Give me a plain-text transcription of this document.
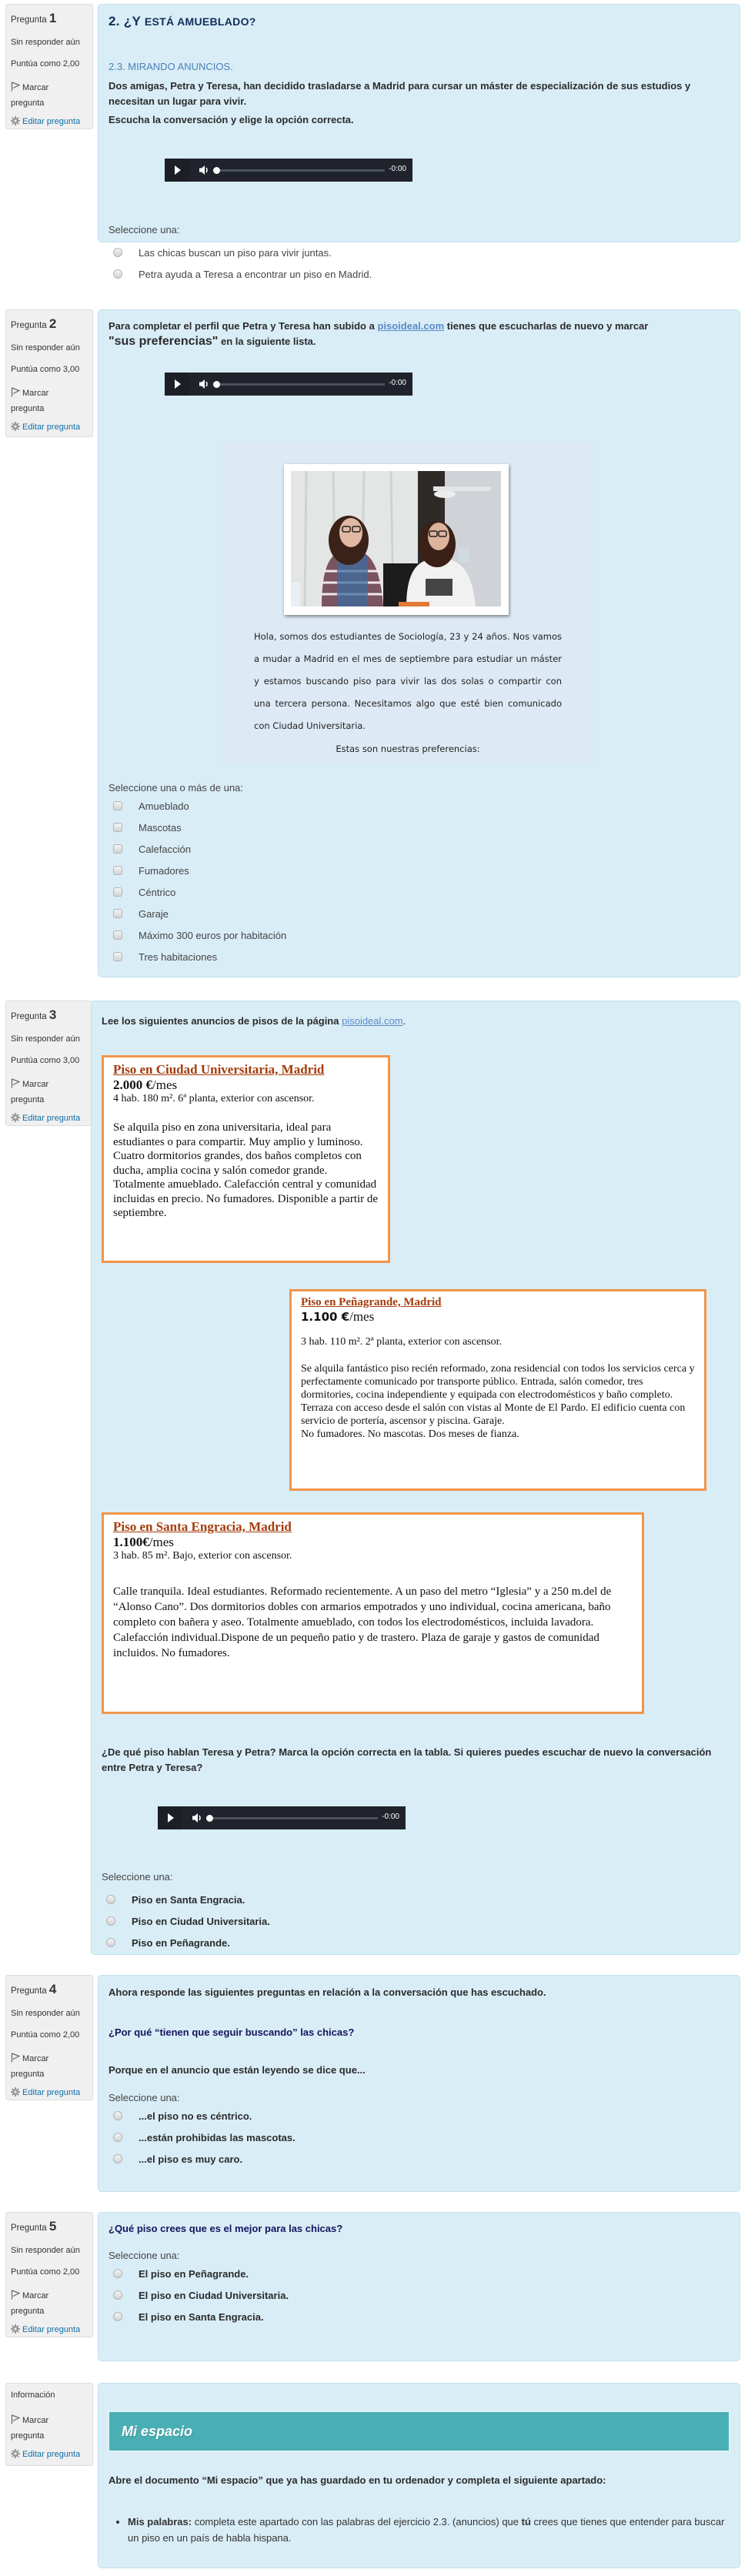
Pregunta 1
Sin responder aún
Puntúa como 2,00
Marcar
pregunta
Editar pregunta
2. ¿Y ESTÁ AMUEBLADO?
2.3. MIRANDO ANUNCIOS.
Dos amigas, Petra y Teresa, han decidido trasladarse a Madrid para cursar un máster de especialización de sus estudios y necesitan un lugar para vivir.
Escucha la conversación y elige la opción correcta.
-0:00
Seleccione una:
Las chicas buscan un piso para vivir juntas.
Petra ayuda a Teresa a encontrar un piso en Madrid.
Pregunta 2
Sin responder aún
Puntúa como 3,00
Marcar
pregunta
Editar pregunta
Para completar el perfil que Petra y Teresa han subido a pisoideal.com tienes que escucharlas de nuevo y marcar
"sus preferencias" en la siguiente lista.
-0:00
Hola, somos dos estudiantes de Sociología, 23 y 24 años. Nos vamos a mudar a Madrid en el mes de septiembre para estudiar un máster y estamos buscando piso para vivir las dos solas o compartir con una tercera persona. Necesitamos algo que esté bien comunicado con Ciudad Universitaria.
Estas son nuestras preferencias:
Seleccione una o más de una:
Amueblado
Mascotas
Calefacción
Fumadores
Céntrico
Garaje
Máximo 300 euros por habitación
Tres habitaciones
Pregunta 3
Sin responder aún
Puntúa como 3,00
Marcar
pregunta
Editar pregunta
Lee los siguientes anuncios de pisos de la página pisoideal.com.
Piso en Ciudad Universitaria, Madrid
2.000 €/mes
4 hab. 180 m². 6ª planta, exterior con ascensor.
Se alquila piso en zona universitaria, ideal para estudiantes o para compartir. Muy amplio y luminoso. Cuatro dormitorios grandes, dos baños completos con ducha, amplia cocina y salón comedor grande. Totalmente amueblado. Calefacción central y comunidad incluidas en precio. No fumadores. Disponible a partir de septiembre.
Piso en Peñagrande, Madrid
1.100 €/mes
3 hab. 110 m². 2ª planta, exterior con ascensor.
Se alquila fantástico piso recién reformado, zona residencial con todos los servicios cerca y perfectamente comunicado por transporte público. Entrada, salón comedor, tres dormitories, cocina independiente y equipada con electrodomésticos y baño completo. Terraza con acceso desde el salón con vistas al Monte de El Pardo. El edificio cuenta con servicio de portería, ascensor y piscina. Garaje.
No fumadores. No mascotas. Dos meses de fianza.
Piso en Santa Engracia, Madrid
1.100€/mes
3 hab. 85 m². Bajo, exterior con ascensor.
Calle tranquila. Ideal estudiantes. Reformado recientemente. A un paso del metro “Iglesia” y a 250 m.del de “Alonso Cano”. Dos dormitorios dobles con armarios empotrados y uno individual, cocina americana, baño completo con bañera y aseo. Totalmente amueblado, con todos los electrodomésticos, incluida lavadora. Calefacción individual.Dispone de un pequeño patio y de trastero. Plaza de garaje y gastos de comunidad incluidos. No fumadores.
¿De qué piso hablan Teresa y Petra? Marca la opción correcta en la tabla. Si quieres puedes escuchar de nuevo la conversación entre Petra y Teresa?
-0:00
Seleccione una:
Piso en Santa Engracia.
Piso en Ciudad Universitaria.
Piso en Peñagrande.
Pregunta 4
Sin responder aún
Puntúa como 2,00
Marcar
pregunta
Editar pregunta
Ahora responde las siguientes preguntas en relación a la conversación que has escuchado.
¿Por qué “tienen que seguir buscando” las chicas?
Porque en el anuncio que están leyendo se dice que...
Seleccione una:
...el piso no es céntrico.
...están prohibidas las mascotas.
...el piso es muy caro.
Pregunta 5
Sin responder aún
Puntúa como 2,00
Marcar
pregunta
Editar pregunta
¿Qué piso crees que es el mejor para las chicas?
Seleccione una:
El piso en Peñagrande.
El piso en Ciudad Universitaria.
El piso en Santa Engracia.
Información
Marcar
pregunta
Editar pregunta
Mi espacio
Abre el documento “Mi espacio” que ya has guardado en tu ordenador y completa el siguiente apartado:
• Mis palabras: completa este apartado con las palabras del ejercicio 2.3. (anuncios) que tú crees que tienes que entender para buscar un piso en un país de habla hispana.
